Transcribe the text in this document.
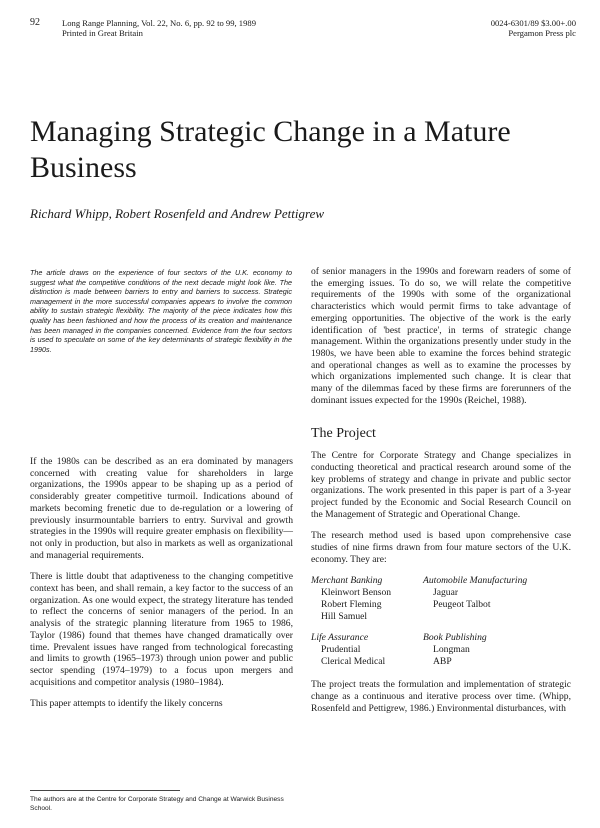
92	Long Range Planning, Vol. 22, No. 6, pp. 92 to 99, 1989
Printed in Great Britain
0024-6301/89 $3.00+.00
Pergamon Press plc
Managing Strategic Change in a Mature Business
Richard Whipp, Robert Rosenfeld and Andrew Pettigrew

The article draws on the experience of four sectors of the U.K. economy to suggest what the competitive conditions of the next decade might look like. The distinction is made between barriers to entry and barriers to success. Strategic management in the more successful companies appears to involve the common ability to sustain strategic flexibility. The majority of the piece indicates how this quality has been fashioned and how the process of its creation and maintenance has been managed in the companies concerned. Evidence from the four sectors is used to speculate on some of the key determinants of strategic flexibility in the 1990s.

If the 1980s can be described as an era dominated by managers concerned with creating value for shareholders in large organizations, the 1990s appear to be shaping up as a period of considerably greater competitive turmoil. Indications abound of markets becoming frenetic due to de-regulation or a lowering of previously insurmountable barriers to entry. Survival and growth strategies in the 1990s will require greater emphasis on flexibility—not only in production, but also in markets as well as organizational and managerial requirements.

There is little doubt that adaptiveness to the changing competitive context has been, and shall remain, a key factor to the success of an organization. As one would expect, the strategy literature has tended to reflect the concerns of senior managers of the period. In an analysis of the strategic planning literature from 1965 to 1986, Taylor (1986) found that themes have changed dramatically over time. Prevalent issues have ranged from technological forecasting and limits to growth (1965–1973) through union power and public sector spending (1974–1979) to a focus upon mergers and acquisitions and competitor analysis (1980–1984).

This paper attempts to identify the likely concerns

of senior managers in the 1990s and forewarn readers of some of the emerging issues. To do so, we will relate the competitive requirements of the 1990s with some of the organizational characteristics which would permit firms to take advantage of emerging opportunities. The objective of the work is the early identification of 'best practice', in terms of strategic change management. Within the organizations presently under study in the 1980s, we have been able to examine the forces behind strategic and operational changes as well as to examine the processes by which organizations implemented such change. It is clear that many of the dilemmas faced by these firms are forerunners of the dominant issues expected for the 1990s (Reichel, 1988).

The Project

The Centre for Corporate Strategy and Change specializes in conducting theoretical and practical research around some of the key problems of strategy and change in private and public sector organizations. The work presented in this paper is part of a 3-year project funded by the Economic and Social Research Council on the Management of Strategic and Operational Change.

The research method used is based upon comprehensive case studies of nine firms drawn from four mature sectors of the U.K. economy. They are:

Merchant Banking
Kleinwort Benson
Robert Fleming
Hill Samuel
Automobile Manufacturing
Jaguar
Peugeot Talbot
Life Assurance
Prudential
Clerical Medical
Book Publishing
Longman
ABP

The project treats the formulation and implementation of strategic change as a continuous and iterative process over time. (Whipp, Rosenfeld and Pettigrew, 1986.) Environmental disturbances, with

The authors are at the Centre for Corporate Strategy and Change at Warwick Business School.
